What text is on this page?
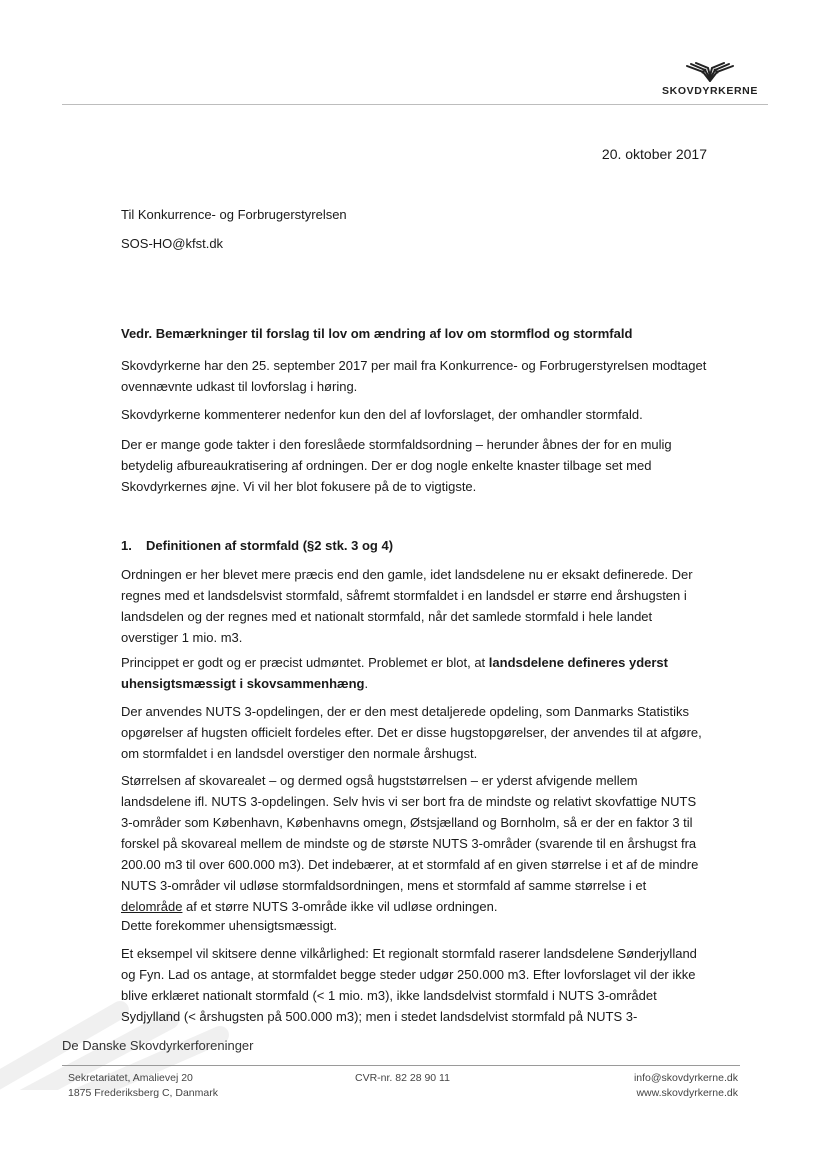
SKOVDYRKERNE
20. oktober 2017
Til Konkurrence- og Forbrugerstyrelsen
SOS-HO@kfst.dk
Vedr. Bemærkninger til forslag til lov om ændring af lov om stormflod og stormfald
Skovdyrkerne har den 25. september 2017 per mail fra Konkurrence- og Forbrugerstyrelsen modtaget ovennævnte udkast til lovforslag i høring.
Skovdyrkerne kommenterer nedenfor kun den del af lovforslaget, der omhandler stormfald.
Der er mange gode takter i den foreslåede stormfaldsordning – herunder åbnes der for en mulig betydelig afbureaukratisering af ordningen. Der er dog nogle enkelte knaster tilbage set med Skovdyrkernes øjne. Vi vil her blot fokusere på de to vigtigste.
1. Definitionen af stormfald (§2 stk. 3 og 4)
Ordningen er her blevet mere præcis end den gamle, idet landsdelene nu er eksakt definerede. Der regnes med et landsdelsvist stormfald, såfremt stormfaldet i en landsdel er større end årshugsten i landsdelen og der regnes med et nationalt stormfald, når det samlede stormfald i hele landet overstiger 1 mio. m3.
Princippet er godt og er præcist udmøntet. Problemet er blot, at landsdelene defineres yderst uhensigtsmæssigt i skovsammenhæng.
Der anvendes NUTS 3-opdelingen, der er den mest detaljerede opdeling, som Danmarks Statistiks opgørelser af hugsten officielt fordeles efter. Det er disse hugstopgørelser, der anvendes til at afgøre, om stormfaldet i en landsdel overstiger den normale årshugst.
Størrelsen af skovarealet – og dermed også hugststørrelsen – er yderst afvigende mellem landsdelene ifl. NUTS 3-opdelingen. Selv hvis vi ser bort fra de mindste og relativt skovfattige NUTS 3-områder som København, Københavns omegn, Østsjælland og Bornholm, så er der en faktor 3 til forskel på skovareal mellem de mindste og de største NUTS 3-områder (svarende til en årshugst fra 200.00 m3 til over 600.000 m3). Det indebærer, at et stormfald af en given størrelse i et af de mindre NUTS 3-områder vil udløse stormfaldsordningen, mens et stormfald af samme størrelse i et delområde af et større NUTS 3-område ikke vil udløse ordningen.
Dette forekommer uhensigtsmæssigt.
Et eksempel vil skitsere denne vilkårlighed: Et regionalt stormfald raserer landsdelene Sønderjylland og Fyn. Lad os antage, at stormfaldet begge steder udgør 250.000 m3. Efter lovforslaget vil der ikke blive erklæret nationalt stormfald (< 1 mio. m3), ikke landsdelvist stormfald i NUTS 3-området Sydjylland (< årshugsten på 500.000 m3); men i stedet landsdelvist stormfald på NUTS 3-
De Danske Skovdyrkerforeninger
Sekretariatet, Amalievej 20
1875 Frederiksberg C, Danmark
CVR-nr. 82 28 90 11	info@skovdyrkerne.dk
www.skovdyrkerne.dk
